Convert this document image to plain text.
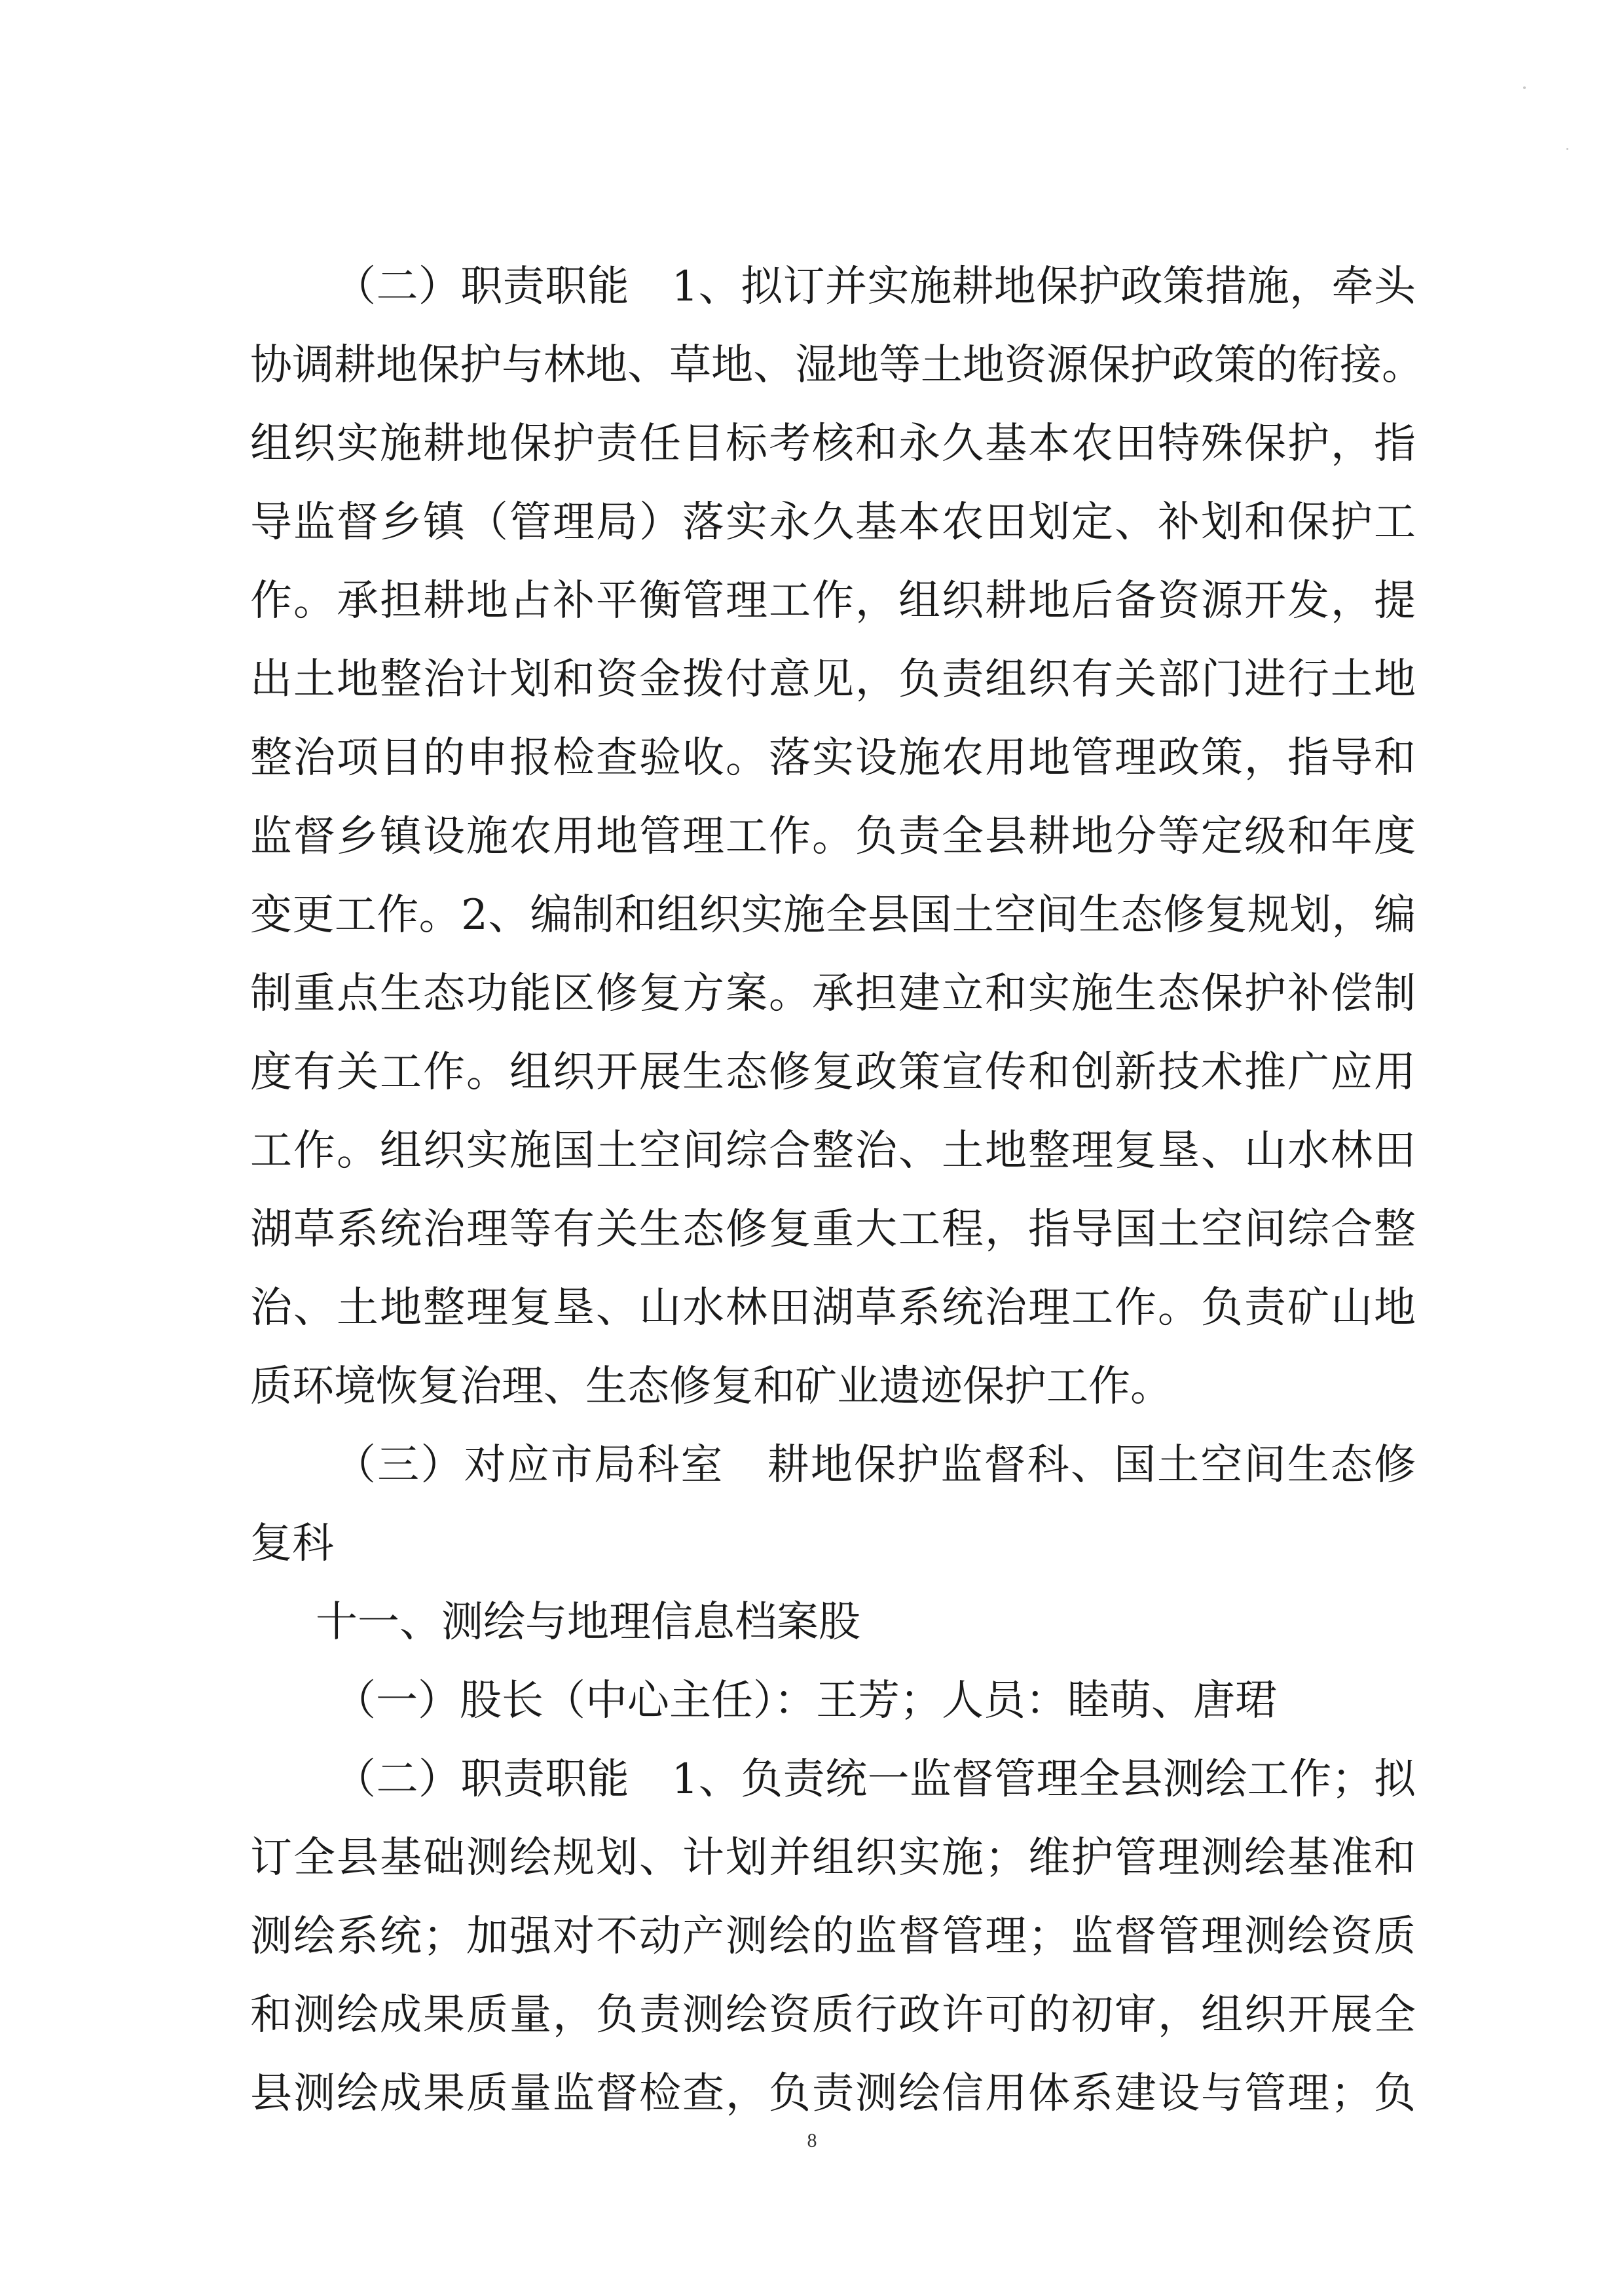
（二）职责职能　1、拟订并实施耕地保护政策措施，牵头
协调耕地保护与林地、草地、湿地等土地资源保护政策的衔接。
组织实施耕地保护责任目标考核和永久基本农田特殊保护，指
导监督乡镇（管理局）落实永久基本农田划定、补划和保护工
作。承担耕地占补平衡管理工作，组织耕地后备资源开发，提
出土地整治计划和资金拨付意见，负责组织有关部门进行土地
整治项目的申报检查验收。落实设施农用地管理政策，指导和
监督乡镇设施农用地管理工作。负责全县耕地分等定级和年度
变更工作。2、编制和组织实施全县国土空间生态修复规划，编
制重点生态功能区修复方案。承担建立和实施生态保护补偿制
度有关工作。组织开展生态修复政策宣传和创新技术推广应用
工作。组织实施国土空间综合整治、土地整理复垦、山水林田
湖草系统治理等有关生态修复重大工程，指导国土空间综合整
治、土地整理复垦、山水林田湖草系统治理工作。负责矿山地
质环境恢复治理、生态修复和矿业遗迹保护工作。
（三）对应市局科室　耕地保护监督科、国土空间生态修
复科
十一、测绘与地理信息档案股
（一）股长（中心主任）：王芳；人员：睦萌、唐珺
（二）职责职能　1、负责统一监督管理全县测绘工作；拟
订全县基础测绘规划、计划并组织实施；维护管理测绘基准和
测绘系统；加强对不动产测绘的监督管理；监督管理测绘资质
和测绘成果质量，负责测绘资质行政许可的初审，组织开展全
县测绘成果质量监督检查，负责测绘信用体系建设与管理；负
8
